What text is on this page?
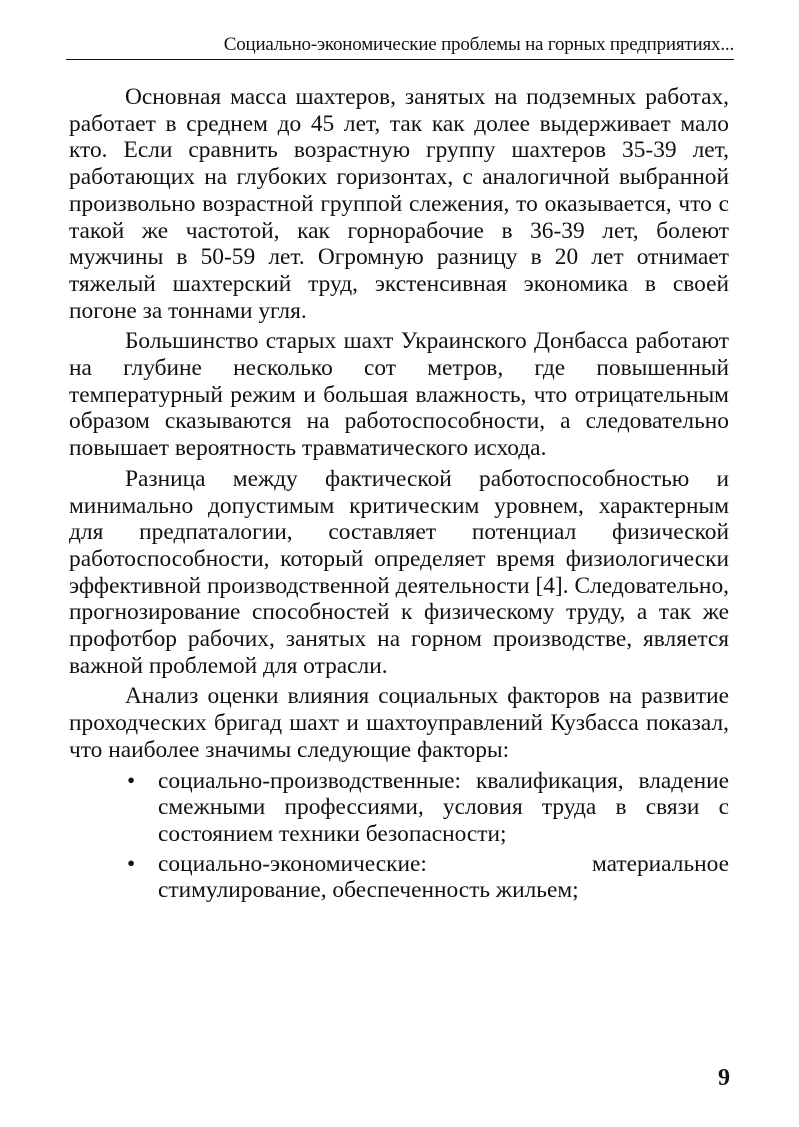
Социально-экономические проблемы на горных предприятиях...

Основная масса шахтеров, занятых на подземных работах, работает в среднем до 45 лет, так как долее выдерживает мало кто. Если сравнить возрастную группу шахтеров 35-39 лет, работающих на глубоких горизонтах, с аналогичной выбранной произвольно возрастной группой слежения, то оказывается, что с такой же частотой, как горнорабочие в 36-39 лет, болеют мужчины в 50-59 лет. Огромную разницу в 20 лет отнимает тяжелый шахтерский труд, экстенсивная экономика в своей погоне за тоннами угля.

Большинство старых шахт Украинского Донбасса работают на глубине несколько сот метров, где повышенный температурный режим и большая влажность, что отрицательным образом сказываются на работоспособности, а следовательно повышает вероятность травматического исхода.

Разница между фактической работоспособностью и минимально допустимым критическим уровнем, характерным для предпаталогии, составляет потенциал физической работоспособности, который определяет время физиологически эффективной производственной деятельности [4]. Следовательно, прогнозирование способностей к физическому труду, а так же профотбор рабочих, занятых на горном производстве, является важной проблемой для отрасли.

Анализ оценки влияния социальных факторов на развитие проходческих бригад шахт и шахтоуправлений Кузбасса показал, что наиболее значимы следующие факторы:

• социально-производственные: квалификация, владение смежными профессиями, условия труда в связи с состоянием техники безопасности;
• социально-экономические: материальное стимулирование, обеспеченность жильем;
9
